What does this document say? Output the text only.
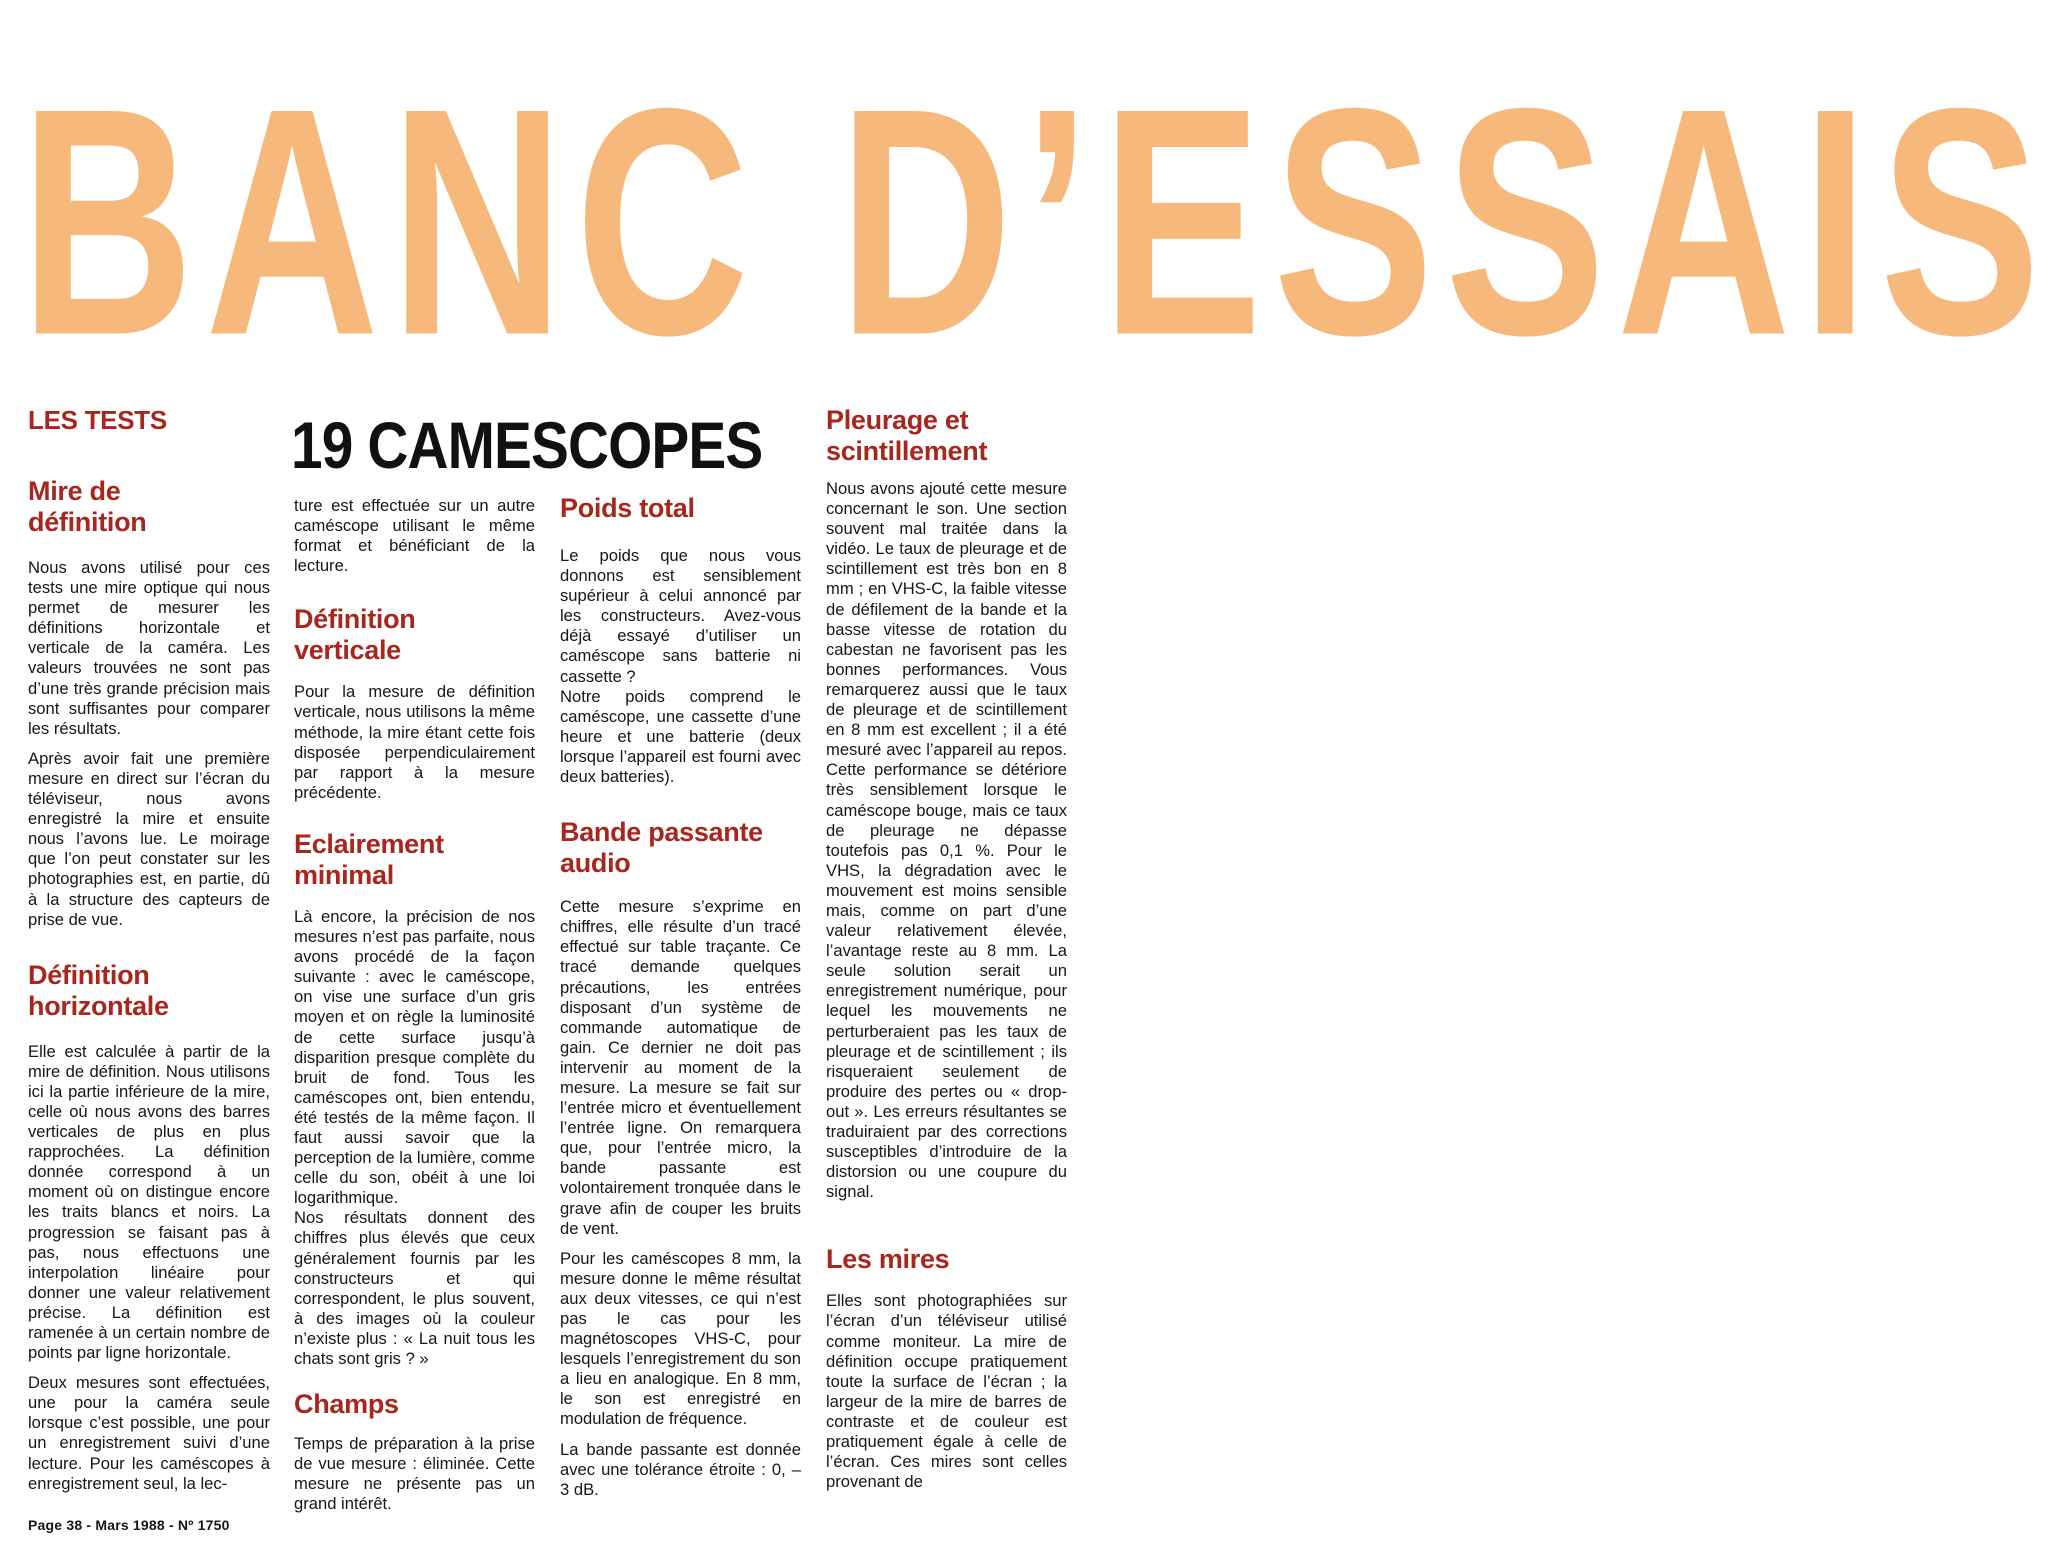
BANC D’ESSAIS
19 CAMESCOPES
LES TESTS
Mire de définition

Nous avons utilisé pour ces tests une mire optique qui nous permet de mesurer les définitions horizontale et verticale de la caméra. Les valeurs trouvées ne sont pas d’une très grande précision mais sont suffisantes pour comparer les résultats.

Après avoir fait une première mesure en direct sur l’écran du téléviseur, nous avons enregistré la mire et ensuite nous l’avons lue. Le moirage que l’on peut constater sur les photographies est, en partie, dû à la structure des capteurs de prise de vue.

Définition horizontale

Elle est calculée à partir de la mire de définition. Nous utilisons ici la partie inférieure de la mire, celle où nous avons des barres verticales de plus en plus rapprochées. La définition donnée correspond à un moment où on distingue encore les traits blancs et noirs. La progression se faisant pas à pas, nous effectuons une interpolation linéaire pour donner une valeur relativement précise. La définition est ramenée à un certain nombre de points par ligne horizontale.

Deux mesures sont effectuées, une pour la caméra seule lorsque c’est possible, une pour un enregistrement suivi d’une lecture. Pour les caméscopes à enregistrement seul, la lec-

ture est effectuée sur un autre caméscope utilisant le même format et bénéficiant de la lecture.

Définition verticale

Pour la mesure de définition verticale, nous utilisons la même méthode, la mire étant cette fois disposée perpendiculairement par rapport à la mesure précédente.

Eclairement minimal

Là encore, la précision de nos mesures n’est pas parfaite, nous avons procédé de la façon suivante : avec le caméscope, on vise une surface d’un gris moyen et on règle la luminosité de cette surface jusqu’à disparition presque complète du bruit de fond. Tous les caméscopes ont, bien entendu, été testés de la même façon. Il faut aussi savoir que la perception de la lumière, comme celle du son, obéit à une loi logarithmique.

Nos résultats donnent des chiffres plus élevés que ceux généralement fournis par les constructeurs et qui correspondent, le plus souvent, à des images où la couleur n’existe plus : « La nuit tous les chats sont gris ? »

Champs

Temps de préparation à la prise de vue mesure : éliminée. Cette mesure ne présente pas un grand intérêt.

Poids total

Le poids que nous vous donnons est sensiblement supérieur à celui annoncé par les constructeurs. Avez-vous déjà essayé d’utiliser un caméscope sans batterie ni cassette ?

Notre poids comprend le caméscope, une cassette d’une heure et une batterie (deux lorsque l’appareil est fourni avec deux batteries).

Bande passante audio

Cette mesure s’exprime en chiffres, elle résulte d’un tracé effectué sur table traçante. Ce tracé demande quelques précautions, les entrées disposant d’un système de commande automatique de gain. Ce dernier ne doit pas intervenir au moment de la mesure. La mesure se fait sur l’entrée micro et éventuellement l’entrée ligne. On remarquera que, pour l’entrée micro, la bande passante est volontairement tronquée dans le grave afin de couper les bruits de vent.

Pour les caméscopes 8 mm, la mesure donne le même résultat aux deux vitesses, ce qui n’est pas le cas pour les magnétoscopes VHS-C, pour lesquels l’enregistrement du son a lieu en analogique. En 8 mm, le son est enregistré en modulation de fréquence.

La bande passante est donnée avec une tolérance étroite : 0, – 3 dB.

Pleurage et scintillement

Nous avons ajouté cette mesure concernant le son. Une section souvent mal traitée dans la vidéo. Le taux de pleurage et de scintillement est très bon en 8 mm ; en VHS-C, la faible vitesse de défilement de la bande et la basse vitesse de rotation du cabestan ne favorisent pas les bonnes performances. Vous remarquerez aussi que le taux de pleurage et de scintillement en 8 mm est excellent ; il a été mesuré avec l’appareil au repos. Cette performance se détériore très sensiblement lorsque le caméscope bouge, mais ce taux de pleurage ne dépasse toutefois pas 0,1 %. Pour le VHS, la dégradation avec le mouvement est moins sensible mais, comme on part d’une valeur relativement élevée, l’avantage reste au 8 mm. La seule solution serait un enregistrement numérique, pour lequel les mouvements ne perturberaient pas les taux de pleurage et de scintillement ; ils risqueraient seulement de produire des pertes ou « drop-out ». Les erreurs résultantes se traduiraient par des corrections susceptibles d’introduire de la distorsion ou une coupure du signal.

Les mires

Elles sont photographiées sur l’écran d’un téléviseur utilisé comme moniteur. La mire de définition occupe pratiquement toute la surface de l’écran ; la largeur de la mire de barres de contraste et de couleur est pratiquement égale à celle de l’écran. Ces mires sont celles provenant de

Page 38 - Mars 1988 - Nº 1750
